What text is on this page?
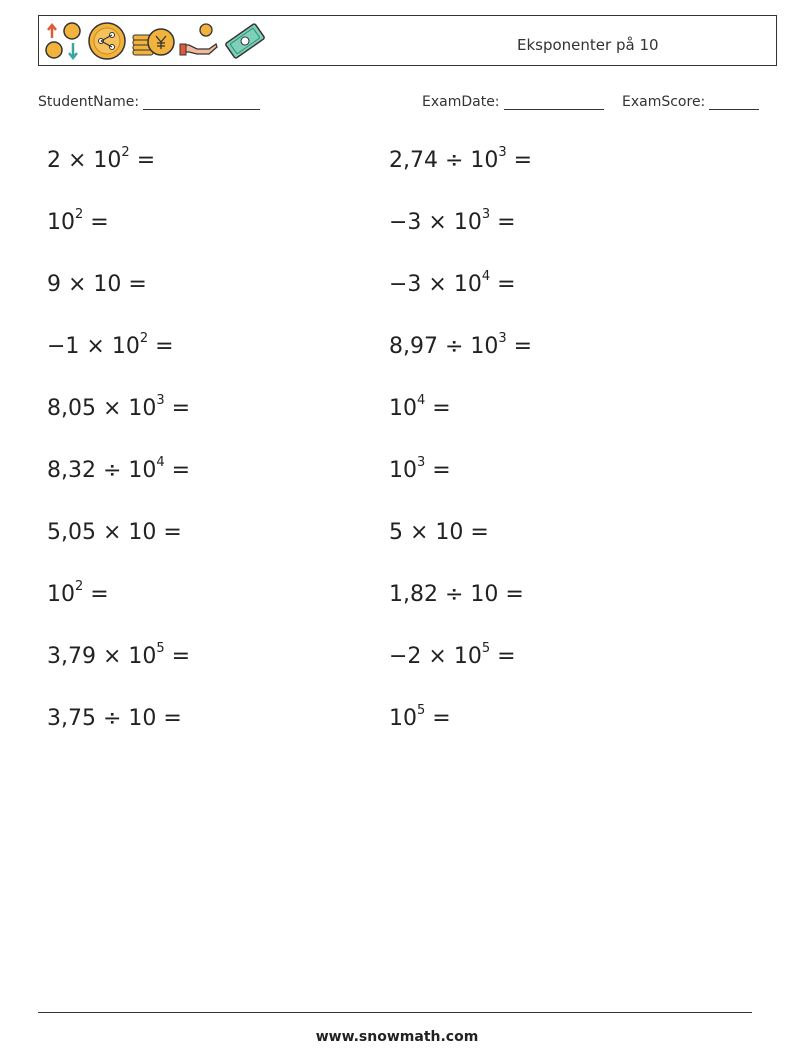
Eksponenter på 10
StudentName:	ExamDate:	ExamScore:
$2 \times 10^2$ =	$2,74 \div 10^3$ =
$10^2$ =	$-3 \times 10^3$ =
9 × 10 =	$-3 \times 10^4$ =
$-1 \times 10^2$ =	$8,97 \div 10^3$ =
$8,05 \times 10^3$ =	$10^4$ =
$8,32 \div 10^4$ =	$10^3$ =
5,05 × 10 =	5 × 10 =
$10^2$ =	1,82 ÷ 10 =
$3,79 \times 10^5$ =	$-2 \times 10^5$ =
3,75 ÷ 10 =	$10^5$ =
www.snowmath.com
